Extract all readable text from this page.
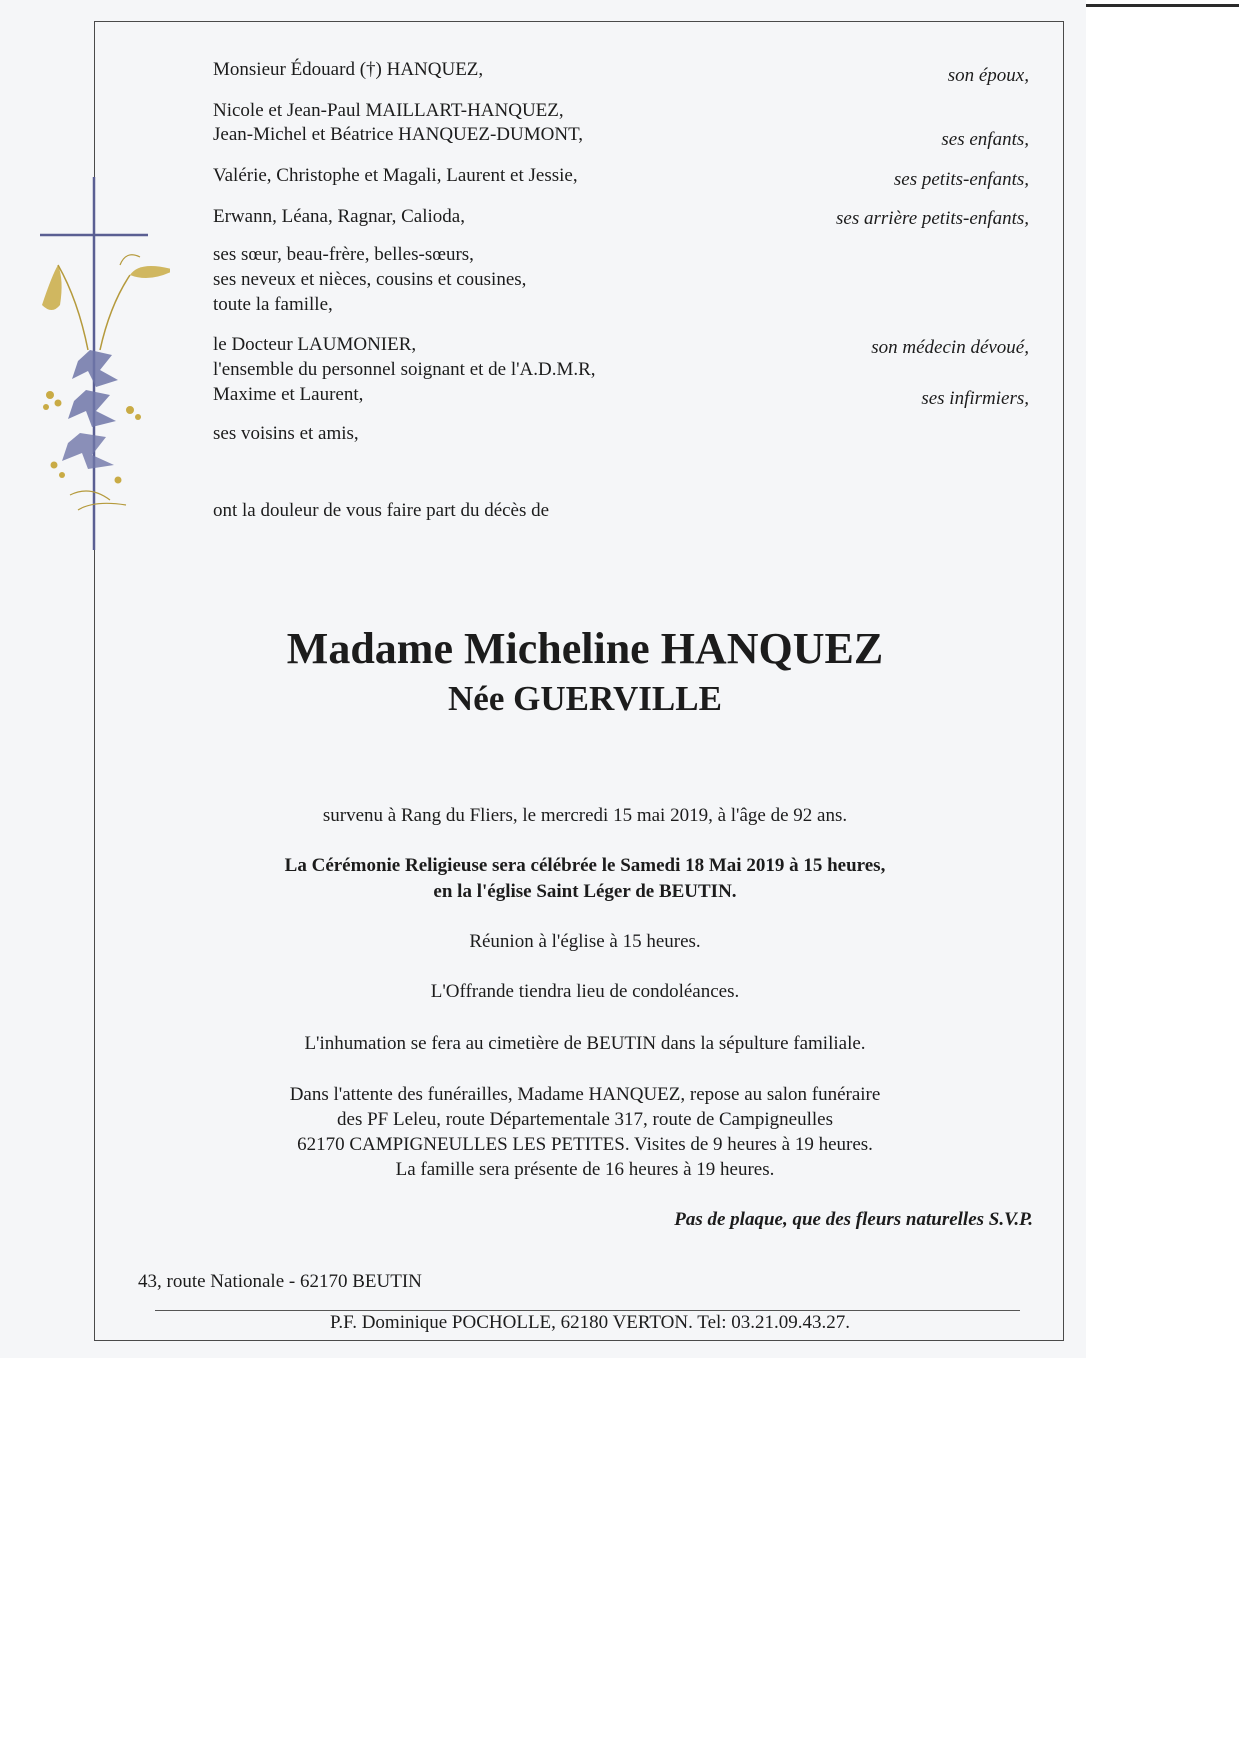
Monsieur Édouard (†) HANQUEZ,	son époux,
Nicole et Jean-Paul MAILLART-HANQUEZ,
Jean-Michel et Béatrice HANQUEZ-DUMONT,	ses enfants,
Valérie, Christophe et Magali, Laurent et Jessie,	ses petits-enfants,
Erwann, Léana, Ragnar, Calioda,	ses arrière petits-enfants,
ses sœur, beau-frère, belles-sœurs,
ses neveux et nièces, cousins et cousines,
toute la famille,
le Docteur LAUMONIER,	son médecin dévoué,
l'ensemble du personnel soignant et de l'A.D.M.R,
Maxime et Laurent,	ses infirmiers,
ses voisins et amis,
ont la douleur de vous faire part du décès de
Madame Micheline HANQUEZ
Née GUERVILLE
survenu à Rang du Fliers, le mercredi 15 mai 2019, à l'âge de 92 ans.
La Cérémonie Religieuse sera célébrée le Samedi 18 Mai 2019 à 15 heures,
en la l'église Saint Léger de BEUTIN.
Réunion à l'église à 15 heures.
L'Offrande tiendra lieu de condoléances.
L'inhumation se fera au cimetière de BEUTIN dans la sépulture familiale.
Dans l'attente des funérailles, Madame HANQUEZ, repose au salon funéraire
des PF Leleu, route Départementale 317, route de Campigneulles
62170 CAMPIGNEULLES LES PETITES. Visites de 9 heures à 19 heures.
La famille sera présente de 16 heures à 19 heures.
Pas de plaque, que des fleurs naturelles S.V.P.
43, route Nationale - 62170 BEUTIN
P.F. Dominique POCHOLLE, 62180 VERTON. Tel: 03.21.09.43.27.
